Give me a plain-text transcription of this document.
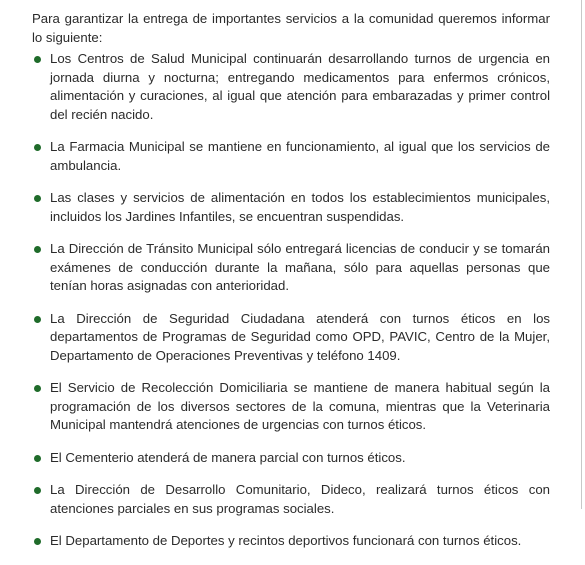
Para garantizar la entrega de importantes servicios a la comunidad queremos informar lo siguiente:

Los Centros de Salud Municipal continuarán desarrollando turnos de urgencia en jornada diurna y nocturna; entregando medicamentos para enfermos crónicos, alimentación y curaciones, al igual que atención para embarazadas y primer control del recién nacido.
La Farmacia Municipal se mantiene en funcionamiento, al igual que los servicios de ambulancia.
Las clases y servicios de alimentación en todos los establecimientos municipales, incluidos los Jardines Infantiles, se encuentran suspendidas.
La Dirección de Tránsito Municipal sólo entregará licencias de conducir y se tomarán exámenes de conducción durante la mañana, sólo para aquellas personas que tenían horas asignadas con anterioridad.
La Dirección de Seguridad Ciudadana atenderá con turnos éticos en los departamentos de Programas de Seguridad como OPD, PAVIC, Centro de la Mujer, Departamento de Operaciones Preventivas y teléfono 1409.
El Servicio de Recolección Domiciliaria se mantiene de manera habitual según la programación de los diversos sectores de la comuna, mientras que la Veterinaria Municipal mantendrá atenciones de urgencias con turnos éticos.
El Cementerio atenderá de manera parcial con turnos éticos.
La Dirección de Desarrollo Comunitario, Dideco, realizará turnos éticos con atenciones parciales en sus programas sociales.
El Departamento de Deportes y recintos deportivos funcionará con turnos éticos.
